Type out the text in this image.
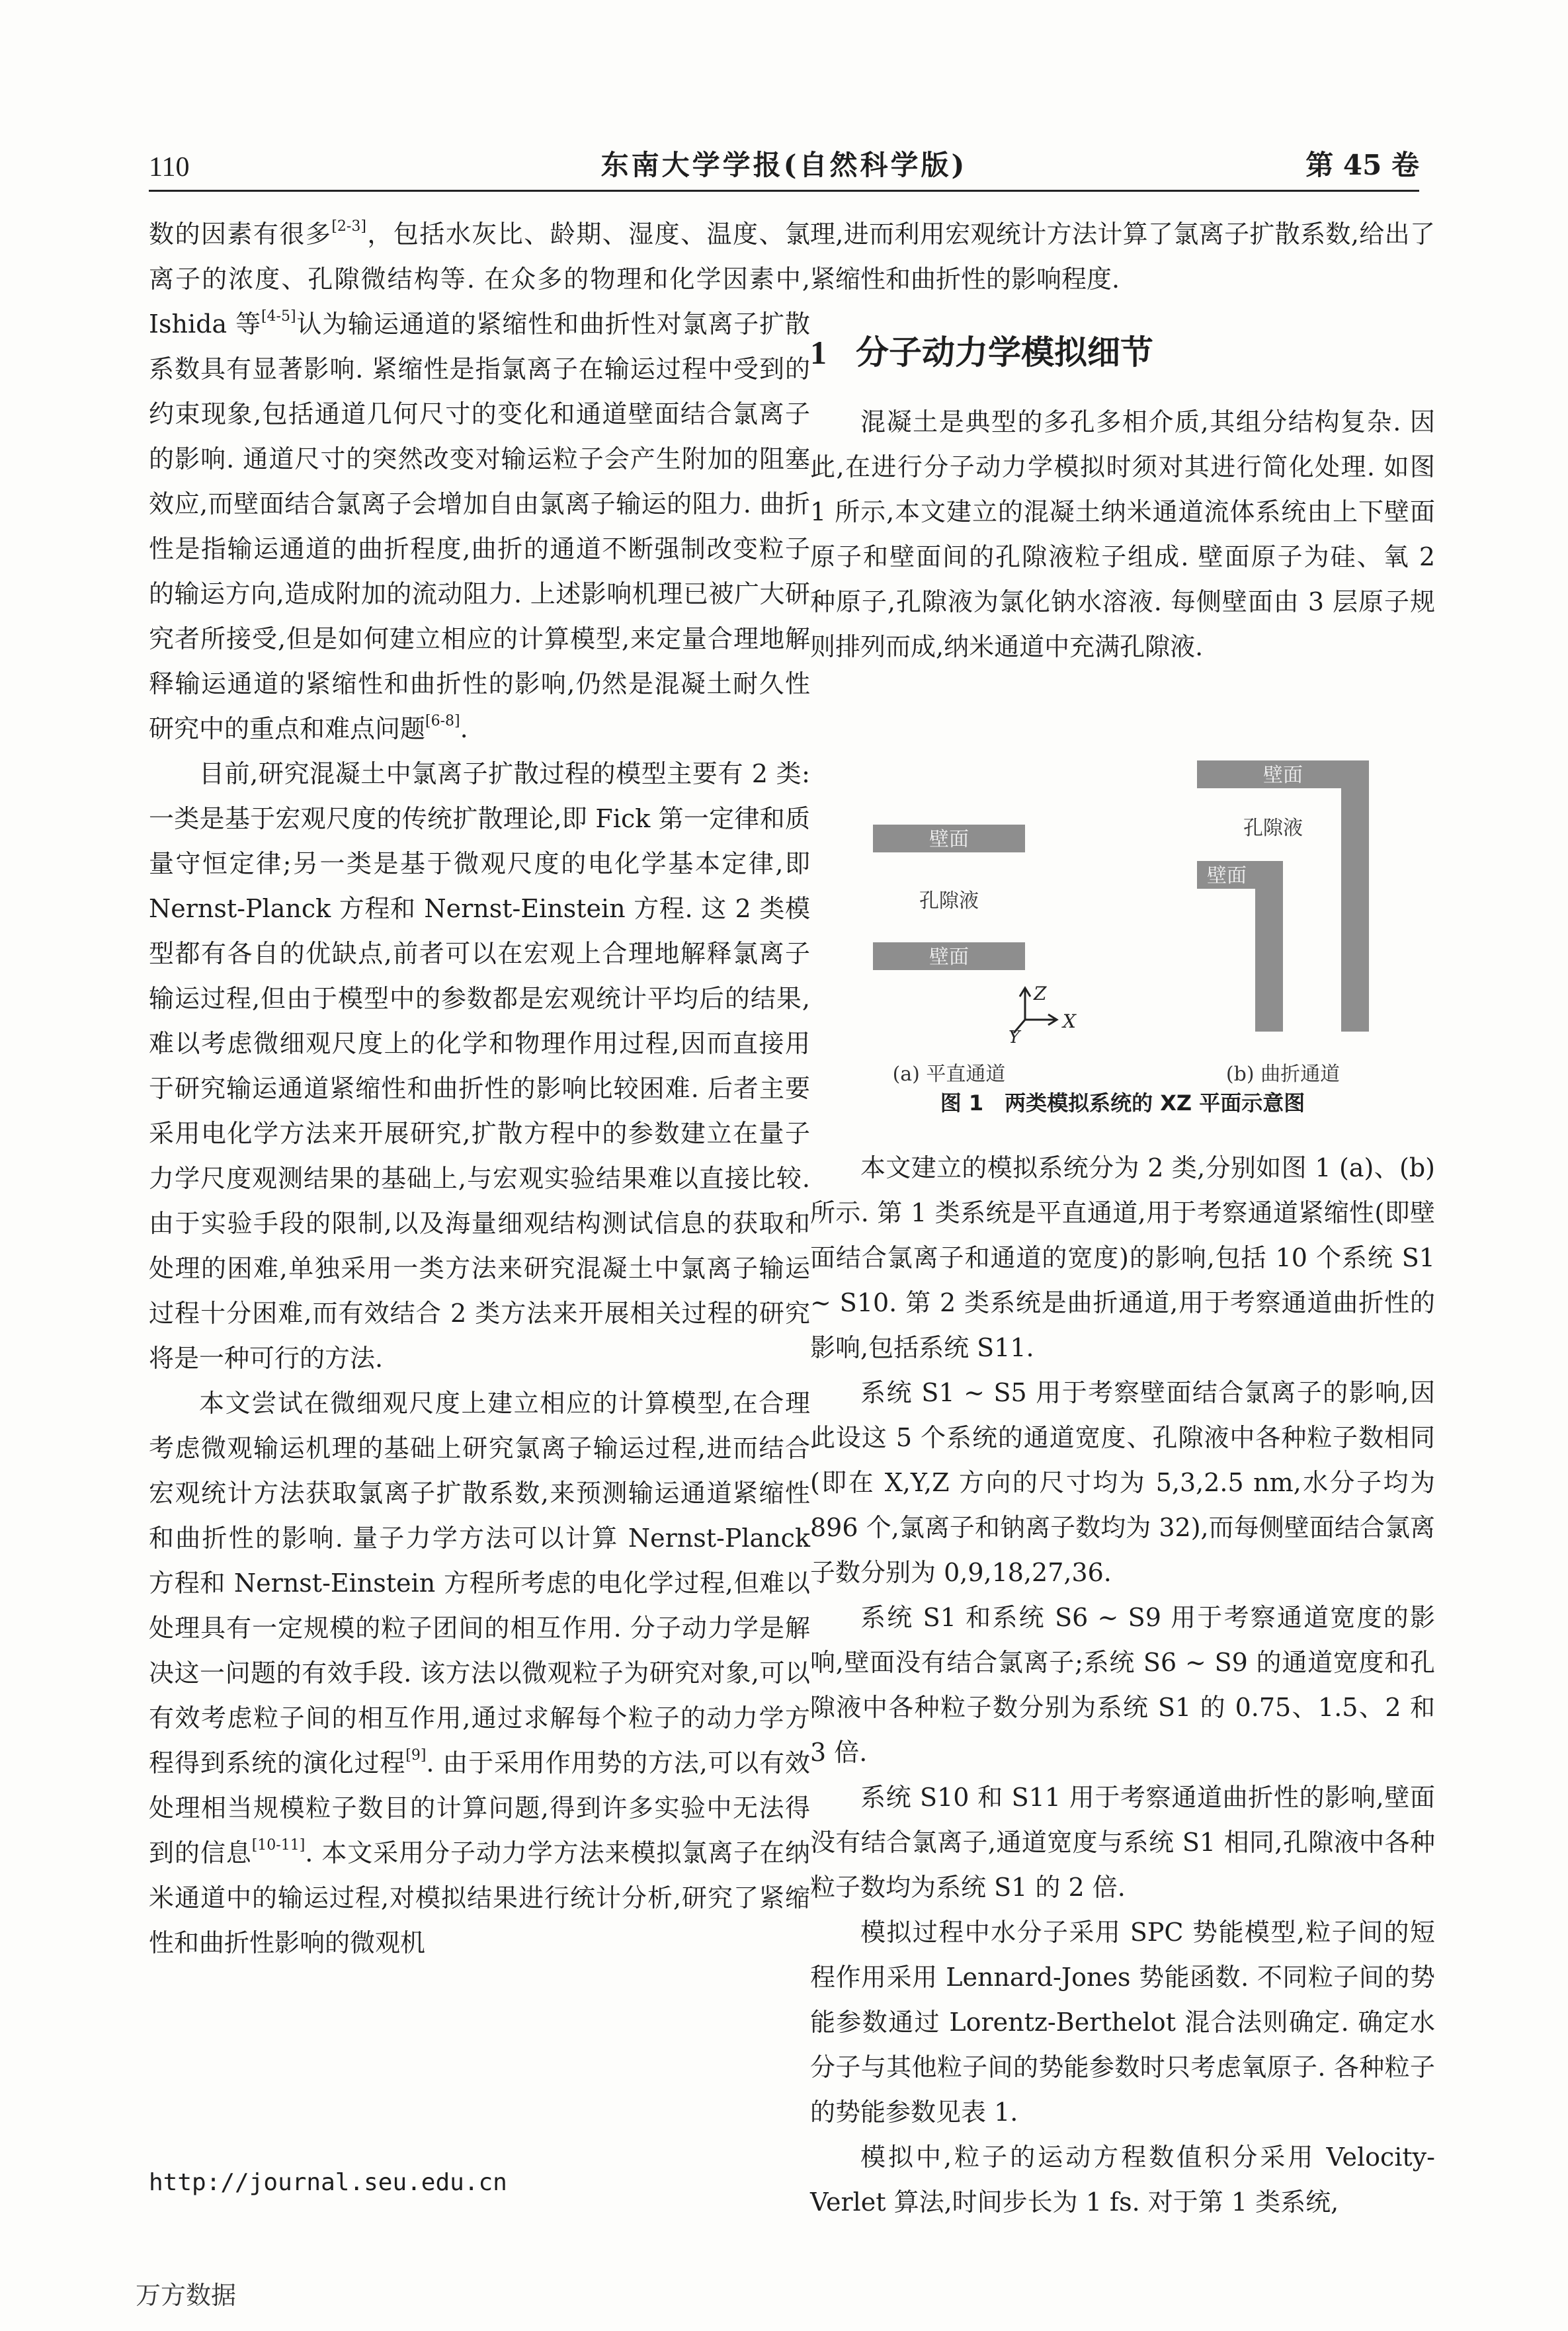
110	东南大学学报(自然科学版)	第 45 卷

数的因素有很多[2-3]，包括水灰比、龄期、湿度、温度、氯离子的浓度、孔隙微结构等. 在众多的物理和化学因素中, Ishida 等[4-5]认为输运通道的紧缩性和曲折性对氯离子扩散系数具有显著影响. 紧缩性是指氯离子在输运过程中受到的约束现象,包括通道几何尺寸的变化和通道壁面结合氯离子的影响. 通道尺寸的突然改变对输运粒子会产生附加的阻塞效应,而壁面结合氯离子会增加自由氯离子输运的阻力. 曲折性是指输运通道的曲折程度,曲折的通道不断强制改变粒子的输运方向,造成附加的流动阻力. 上述影响机理已被广大研究者所接受,但是如何建立相应的计算模型,来定量合理地解释输运通道的紧缩性和曲折性的影响,仍然是混凝土耐久性研究中的重点和难点问题[6-8].

目前,研究混凝土中氯离子扩散过程的模型主要有 2 类:一类是基于宏观尺度的传统扩散理论,即 Fick 第一定律和质量守恒定律;另一类是基于微观尺度的电化学基本定律,即 Nernst-Planck 方程和 Nernst-Einstein 方程. 这 2 类模型都有各自的优缺点,前者可以在宏观上合理地解释氯离子输运过程,但由于模型中的参数都是宏观统计平均后的结果,难以考虑微细观尺度上的化学和物理作用过程,因而直接用于研究输运通道紧缩性和曲折性的影响比较困难. 后者主要采用电化学方法来开展研究,扩散方程中的参数建立在量子力学尺度观测结果的基础上,与宏观实验结果难以直接比较. 由于实验手段的限制,以及海量细观结构测试信息的获取和处理的困难,单独采用一类方法来研究混凝土中氯离子输运过程十分困难,而有效结合 2 类方法来开展相关过程的研究将是一种可行的方法.

本文尝试在微细观尺度上建立相应的计算模型,在合理考虑微观输运机理的基础上研究氯离子输运过程,进而结合宏观统计方法获取氯离子扩散系数,来预测输运通道紧缩性和曲折性的影响. 量子力学方法可以计算 Nernst-Planck 方程和 Nernst-Einstein 方程所考虑的电化学过程,但难以处理具有一定规模的粒子团间的相互作用. 分子动力学是解决这一问题的有效手段. 该方法以微观粒子为研究对象,可以有效考虑粒子间的相互作用,通过求解每个粒子的动力学方程得到系统的演化过程[9]. 由于采用作用势的方法,可以有效处理相当规模粒子数目的计算问题,得到许多实验中无法得到的信息[10-11]. 本文采用分子动力学方法来模拟氯离子在纳米通道中的输运过程,对模拟结果进行统计分析,研究了紧缩性和曲折性影响的微观机

理,进而利用宏观统计方法计算了氯离子扩散系数,给出了紧缩性和曲折性的影响程度.

1 分子动力学模拟细节

混凝土是典型的多孔多相介质,其组分结构复杂. 因此,在进行分子动力学模拟时须对其进行简化处理. 如图 1 所示,本文建立的混凝土纳米通道流体系统由上下壁面原子和壁面间的孔隙液粒子组成. 壁面原子为硅、氧 2 种原子,孔隙液为氯化钠水溶液. 每侧壁面由 3 层原子规则排列而成,纳米通道中充满孔隙液.

壁面
孔隙液
壁面
Z
X
Y
(a) 平直通道
壁面
孔隙液
壁面
(b) 曲折通道
图 1　两类模拟系统的 XZ 平面示意图

本文建立的模拟系统分为 2 类,分别如图 1 (a)、(b)所示. 第 1 类系统是平直通道,用于考察通道紧缩性(即壁面结合氯离子和通道的宽度)的影响,包括 10 个系统 S1 ~ S10. 第 2 类系统是曲折通道,用于考察通道曲折性的影响,包括系统 S11.

系统 S1 ~ S5 用于考察壁面结合氯离子的影响,因此设这 5 个系统的通道宽度、孔隙液中各种粒子数相同(即在 X,Y,Z 方向的尺寸均为 5,3,2.5 nm,水分子均为 896 个,氯离子和钠离子数均为 32),而每侧壁面结合氯离子数分别为 0,9,18,27,36.

系统 S1 和系统 S6 ~ S9 用于考察通道宽度的影响,壁面没有结合氯离子;系统 S6 ~ S9 的通道宽度和孔隙液中各种粒子数分别为系统 S1 的 0.75、1.5、2 和 3 倍.

系统 S10 和 S11 用于考察通道曲折性的影响,壁面没有结合氯离子,通道宽度与系统 S1 相同,孔隙液中各种粒子数均为系统 S1 的 2 倍.

模拟过程中水分子采用 SPC 势能模型,粒子间的短程作用采用 Lennard-Jones 势能函数. 不同粒子间的势能参数通过 Lorentz-Berthelot 混合法则确定. 确定水分子与其他粒子间的势能参数时只考虑氧原子. 各种粒子的势能参数见表 1.

模拟中,粒子的运动方程数值积分采用 Velocity-Verlet 算法,时间步长为 1 fs. 对于第 1 类系统,

http://journal.seu.edu.cn
万方数据
